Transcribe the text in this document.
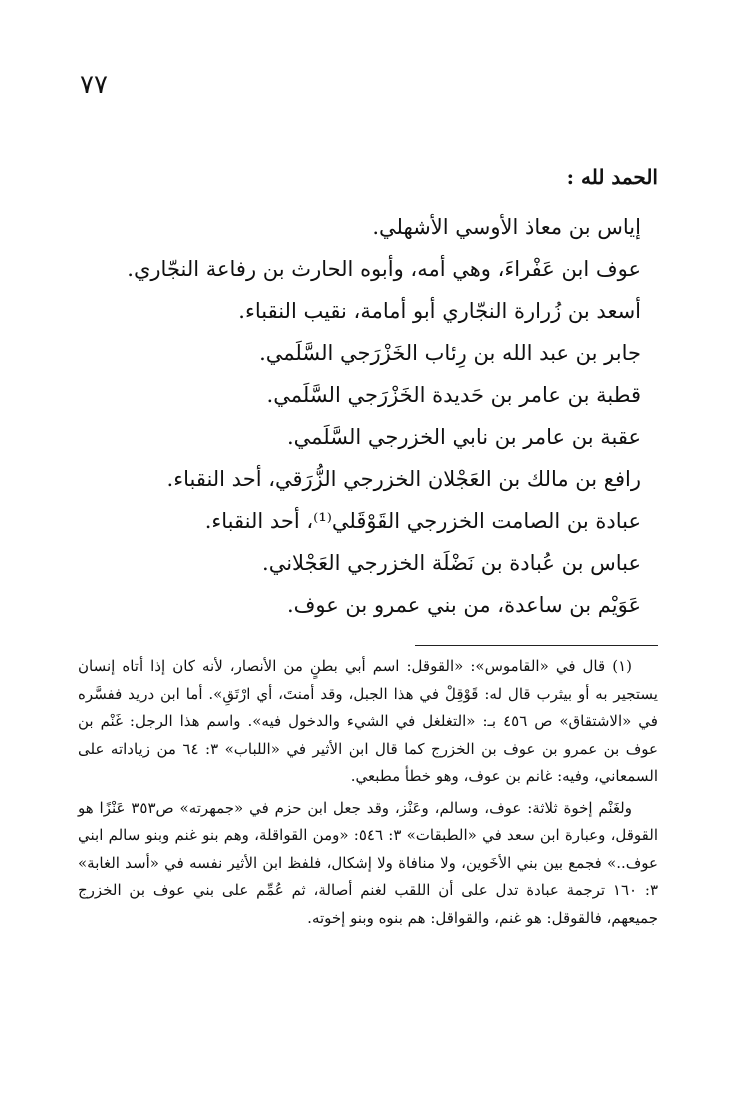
٧٧
الحمد لله :
إياس بن معاذ الأوسي الأشهلي.
عوف ابن عَفْراءَ، وهي أمه، وأبوه الحارث بن رفاعة النجّاري.
أسعد بن زُرارة النجّاري أبو أمامة، نقيب النقباء.
جابر بن عبد الله بن رِئاب الخَزْرَجي السَّلَمي.
قطبة بن عامر بن حَديدة الخَزْرَجي السَّلَمي.
عقبة بن عامر بن نابي الخزرجي السَّلَمي.
رافع بن مالك بن العَجْلان الخزرجي الزُّرَقي، أحد النقباء.
عبادة بن الصامت الخزرجي القَوْقَلي⁽¹⁾، أحد النقباء.
عباس بن عُبادة بن نَضْلَة الخزرجي العَجْلاني.
عَوَيْم بن ساعدة، من بني عمرو بن عوف.

(١) قال في «القاموس»: «القوقل: اسم أبي بطنٍ من الأنصار، لأنه كان إذا أتاه إنسان يستجير به أو بيثرب قال له: قَوْقِلْ في هذا الجبل، وقد أمنتَ، أي ارْتَقِ». أما ابن دريد ففسَّره في «الاشتقاق» ص ٤٥٦ بـ: «التغلغل في الشيء والدخول فيه». واسم هذا الرجل: غَنْم بن عوف بن عمرو بن عوف بن الخزرج كما قال ابن الأثير في «اللباب» ٣: ٦٤ من زياداته على السمعاني، وفيه: غانم بن عوف، وهو خطأ مطبعي.

ولغَنْم إخوة ثلاثة: عوف، وسالم، وعَنْز، وقد جعل ابن حزم في «جمهرته» ص٣٥٣ عَنْزًا هو القوقل، وعبارة ابن سعد في «الطبقات» ٣: ٥٤٦: «ومن القواقلة، وهم بنو غنم وبنو سالم ابني عوف..» فجمع بين بني الأخَوين، ولا منافاة ولا إشكال، فلفظ ابن الأثير نفسه في «أسد الغابة» ٣: ١٦٠ ترجمة عبادة تدل على أن اللقب لغنم أصالة، ثم عُمِّم على بني عوف بن الخزرج جميعهم، فالقوقل: هو غنم، والقواقل: هم بنوه وبنو إخوته.
